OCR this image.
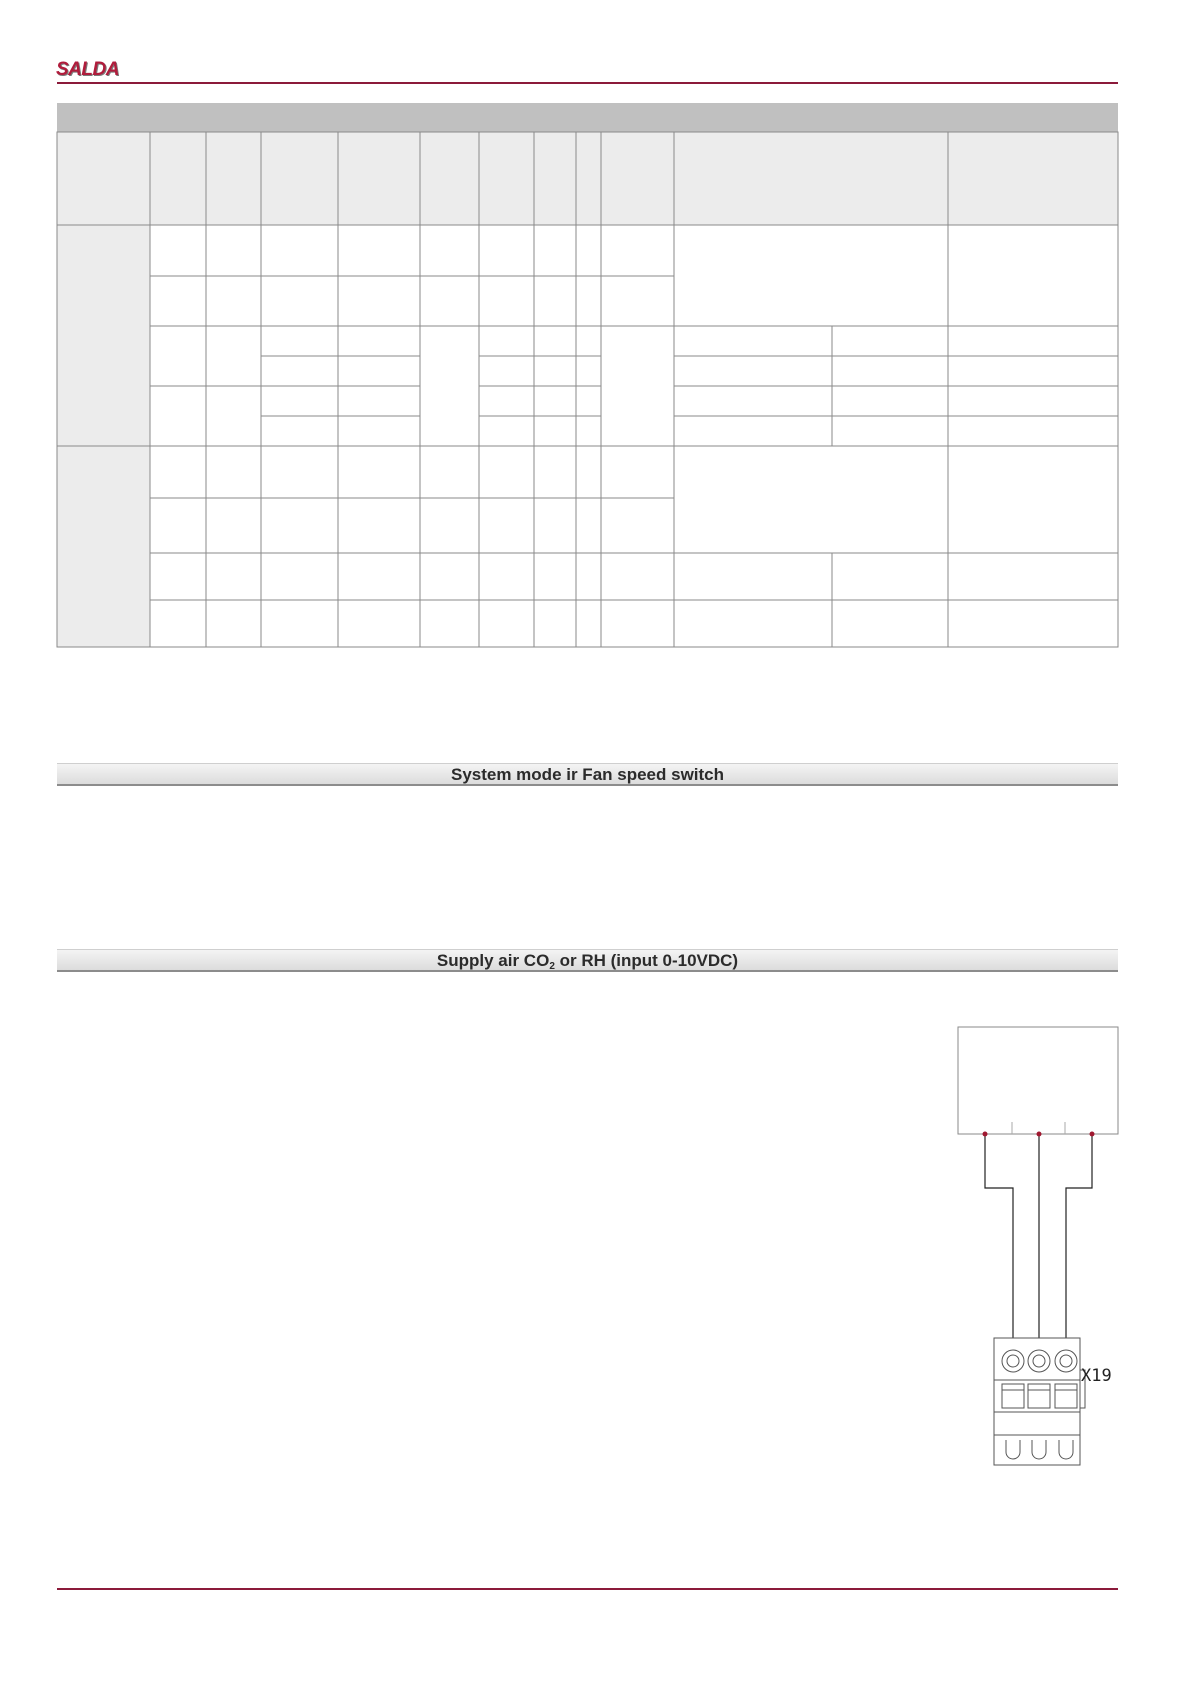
SALDA
X19
System mode ir Fan speed switch
Supply air $CO_2$ or RH (input 0-10VDC)
